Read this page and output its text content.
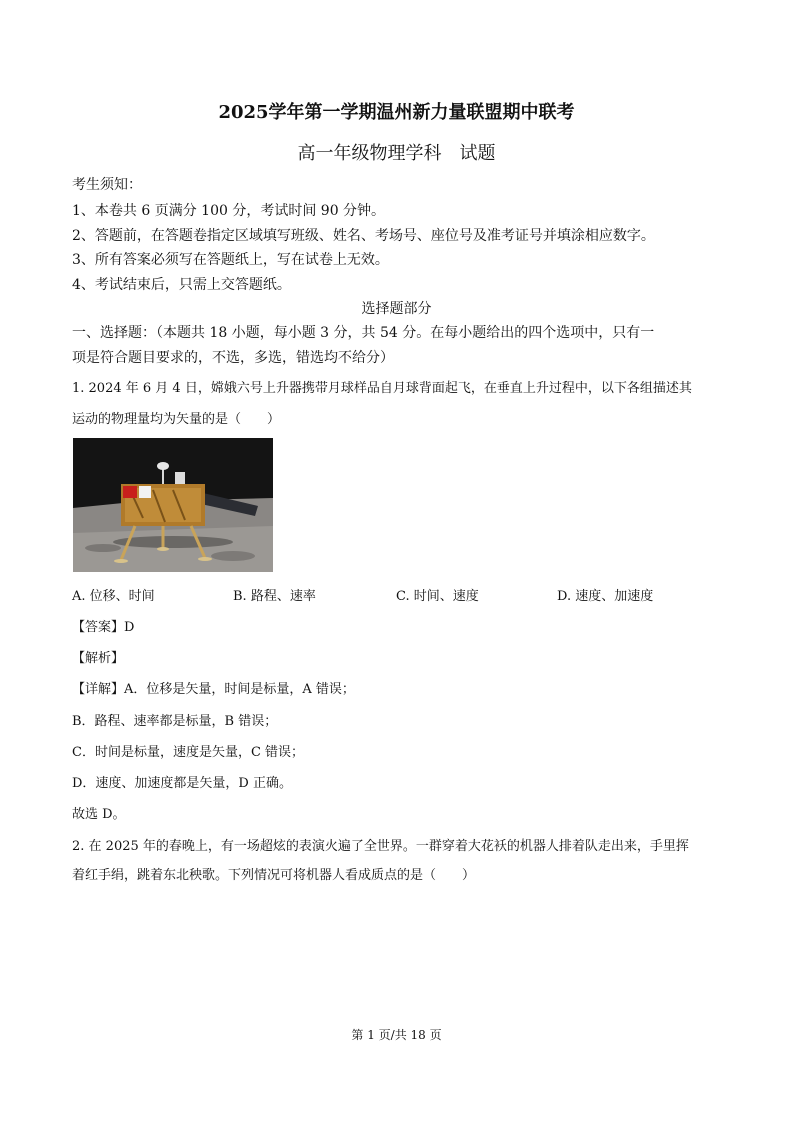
2025学年第一学期温州新力量联盟期中联考
高一年级物理学科　试题
考生须知：
1、本卷共 6 页满分 100 分，考试时间 90 分钟。
2、答题前，在答题卷指定区域填写班级、姓名、考场号、座位号及准考证号并填涂相应数字。
3、所有答案必须写在答题纸上，写在试卷上无效。
4、考试结束后，只需上交答题纸。
选择题部分
一、选择题：（本题共 18 小题，每小题 3 分，共 54 分。在每小题给出的四个选项中，只有一
项是符合题目要求的，不选，多选，错选均不给分）
1. 2024 年 6 月 4 日，嫦娥六号上升器携带月球样品自月球背面起飞，在垂直上升过程中，以下各组描述其
运动的物理量均为矢量的是（　　）
A. 位移、时间	B. 路程、速率	C. 时间、速度	D. 速度、加速度
【答案】D
【解析】
【详解】A．位移是矢量，时间是标量，A 错误；
B．路程、速率都是标量，B 错误；
C．时间是标量，速度是矢量，C 错误；
D．速度、加速度都是矢量，D 正确。
故选 D。
2. 在 2025 年的春晚上，有一场超炫的表演火遍了全世界。一群穿着大花袄的机器人排着队走出来，手里挥
着红手绢，跳着东北秧歌。下列情况可将机器人看成质点的是（　　）
第 1 页/共 18 页
